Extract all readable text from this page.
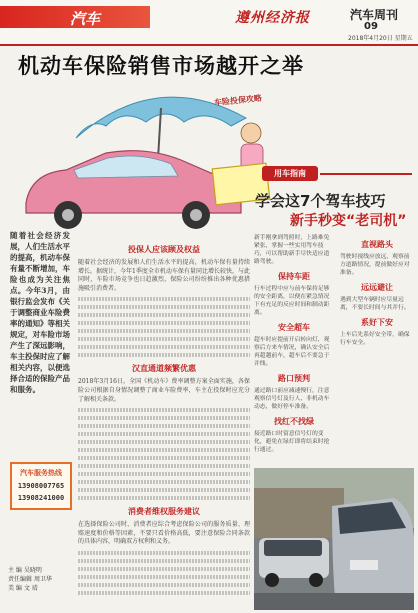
汽车	遵州经济报	汽车周刊
09
2018年4月20日 星期五
机动车保险销售市场越开之举
车险投保攻略
随着社会经济发展，人们生活水平的提高，机动车保有量不断增加，车险也成为关注焦点。今年3月，由银行监会发布《关于调整商业车险费率的通知》等相关规定，对车险市场产生了深远影响，车主投保时应了解相关内容，以便选择合适的保险产品和服务。
汽车服务热线
13908007765
13908241000
主 编 吴晓明
责任编辑 周卫华
美 编 文 靖
投保人应该顾及权益
随着社会经济的发展和人们生活水平的提高，机动车保有量持续增长。据统计，今年1季度全市机动车保有量同比增长较快，与此同时，车险市场竞争也日趋激烈，保险公司纷纷推出各种优惠措施吸引消费者。
汉直通道频繁优惠
2018年3月16日，全国《机动车》费率调整方案全面实施，各保险公司根据自身情况调整了商业车险费率，车主在投保时应充分了解相关条款。
消费者维权服务建议
在选择保险公司时，消费者应综合考虑保险公司的服务质量、理赔速度和价格等因素，不要只看价格高低，要注意保险合同条款的具体内容，明确双方权利和义务。
用车指南
学会这7个驾车技巧
新手秒变“老司机”
新手刚拿到驾照时，上路难免紧张，掌握一些实用驾车技巧，可以帮助新手尽快适应道路驾驶。
保持车距
行车过程中应与前车保持足够的安全距离，以便在紧急情况下有充足的反应时间和制动距离。
安全超车
超车时应提前开启转向灯，观察后方来车情况，确认安全后再超越前车，超车后不要急于并线。
路口预判
通过路口前应减速慢行，注意观察信号灯及行人、非机动车动态，做好停车准备。
找红不找绿
接近路口时留意信号灯的变化，避免在绿灯即将结束时抢行通过。
直视路头
驾驶时视线应放远，观察前方道路情况，提前做好应对准备。
远远避让
遇到大型车辆时应尽量远离，不要长时间与其并行。
系好下安
上车后先系好安全带，确保行车安全。
